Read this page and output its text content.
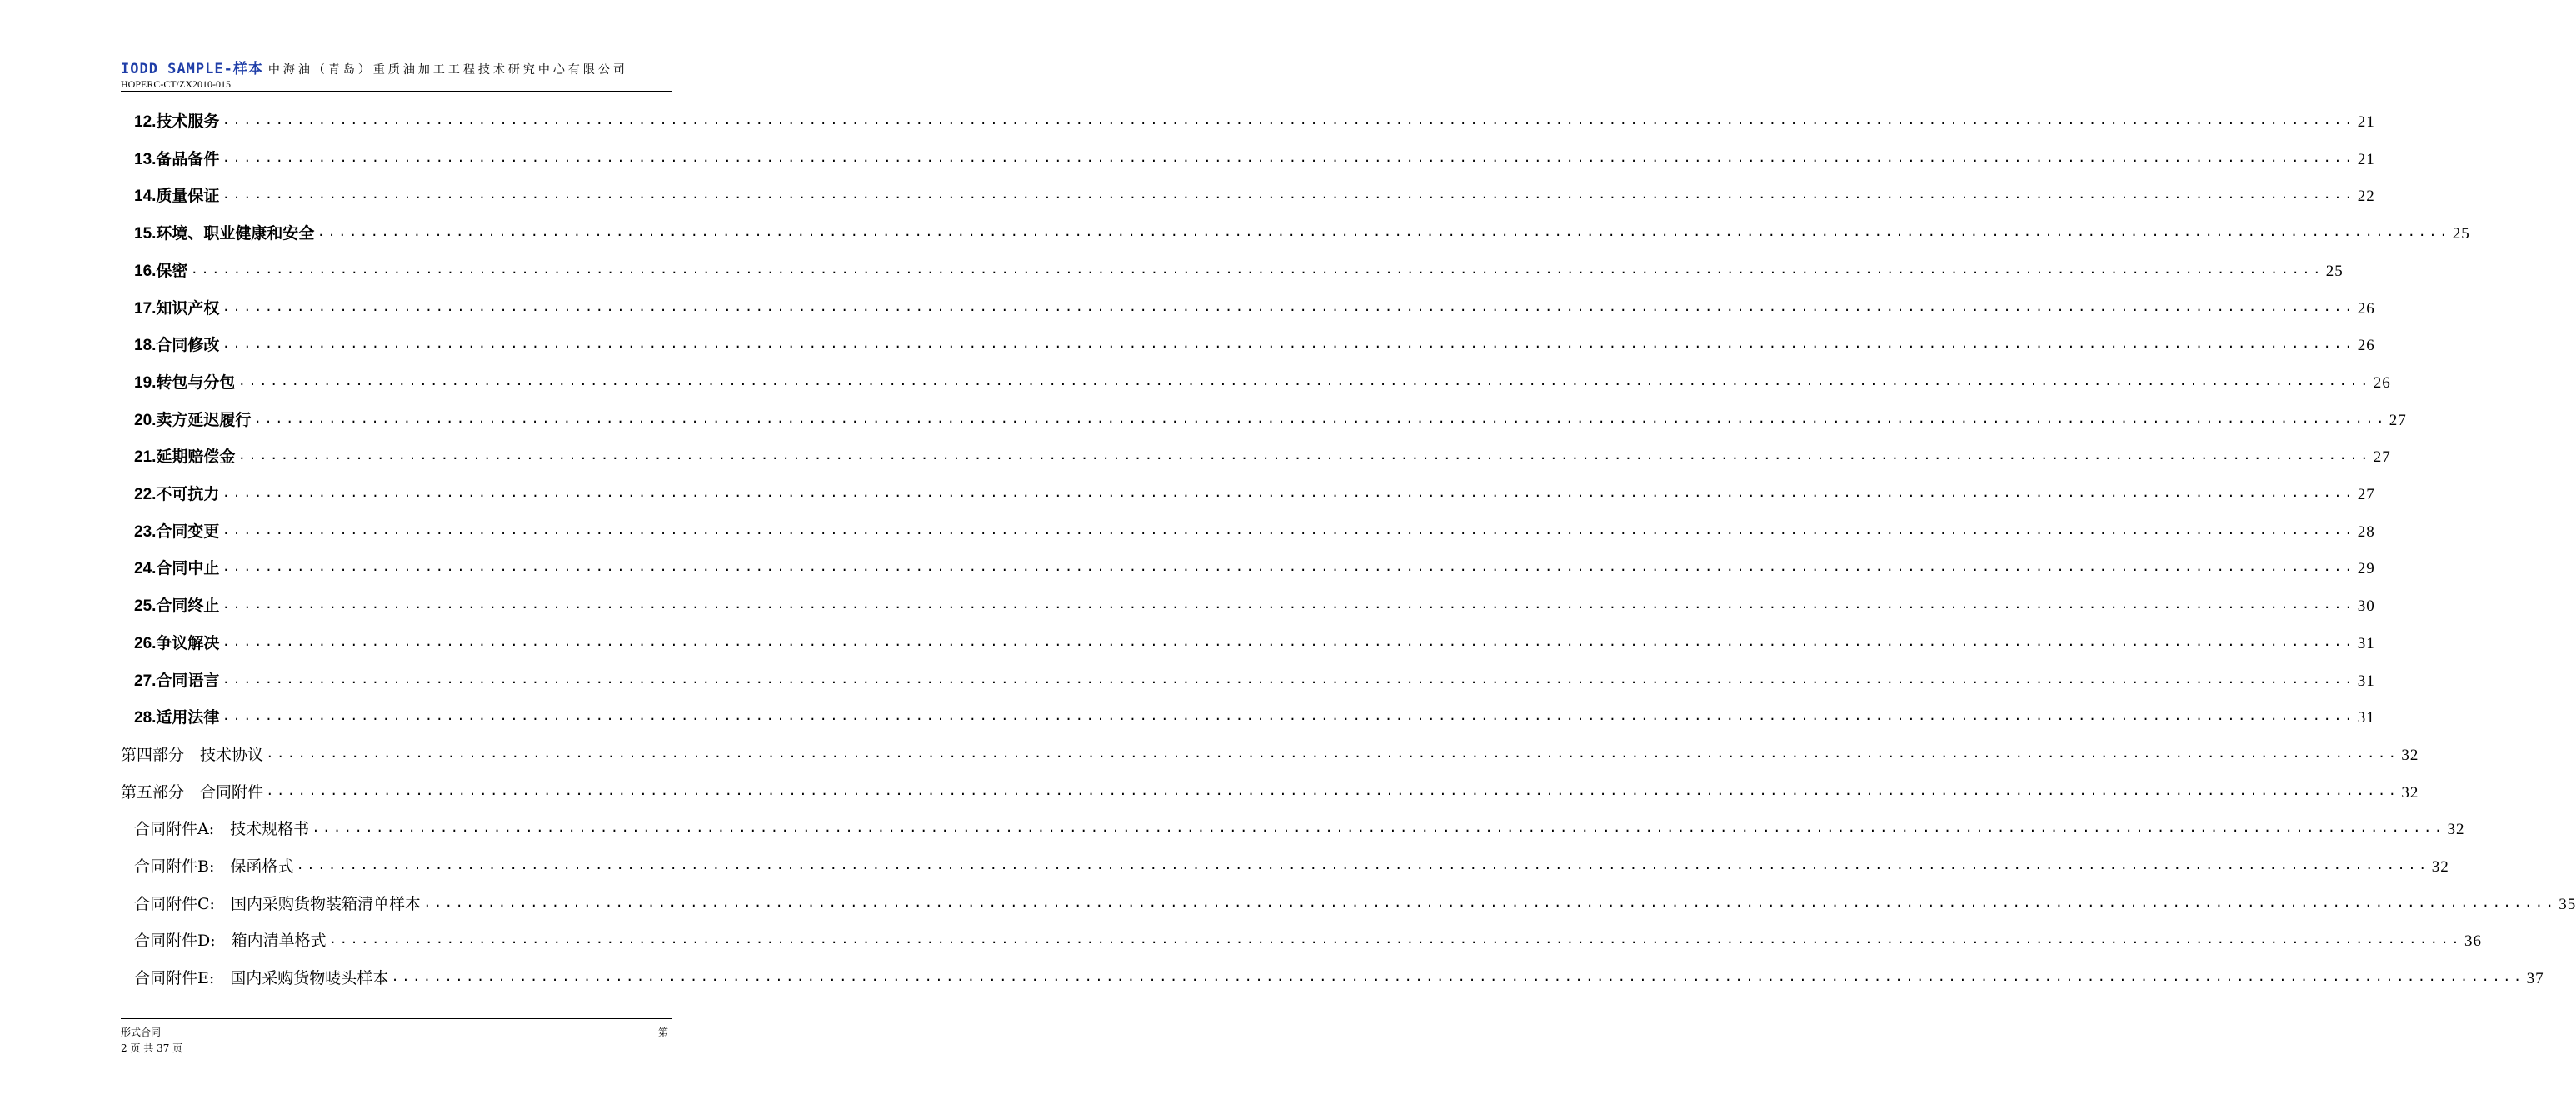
IODD SAMPLE-样本 中海油（青岛）重质油加工工程技术研究中心有限公司
HOPERC-CT/ZX2010-015
12.技术服务 ........................................................................................................................................................................................................ 21
13.备品备件 ........................................................................................................................................................................................................ 21
14.质量保证 ........................................................................................................................................................................................................ 22
15.环境、职业健康和安全 ........................................................................................................................................................................................................ 25
16.保密 ........................................................................................................................................................................................................ 25
17.知识产权 ........................................................................................................................................................................................................ 26
18.合同修改 ........................................................................................................................................................................................................ 26
19.转包与分包 ........................................................................................................................................................................................................ 26
20.卖方延迟履行 ........................................................................................................................................................................................................ 27
21.延期赔偿金 ........................................................................................................................................................................................................ 27
22.不可抗力 ........................................................................................................................................................................................................ 27
23.合同变更 ........................................................................................................................................................................................................ 28
24.合同中止 ........................................................................................................................................................................................................ 29
25.合同终止 ........................................................................................................................................................................................................ 30
26.争议解决 ........................................................................................................................................................................................................ 31
27.合同语言 ........................................................................................................................................................................................................ 31
28.适用法律 ........................................................................................................................................................................................................ 31
第四部分　技术协议 ........................................................................................................................................................................................................ 32
第五部分　合同附件 ........................................................................................................................................................................................................ 32
合同附件A:　技术规格书 ........................................................................................................................................................................................................ 32
合同附件B:　保函格式 ........................................................................................................................................................................................................ 32
合同附件C:　国内采购货物装箱清单样本 ........................................................................................................................................................................................................ 35
合同附件D:　箱内清单格式 ........................................................................................................................................................................................................ 36
合同附件E:　国内采购货物唛头样本 ........................................................................................................................................................................................................ 37
形式合同
2 页 共 37 页
第
